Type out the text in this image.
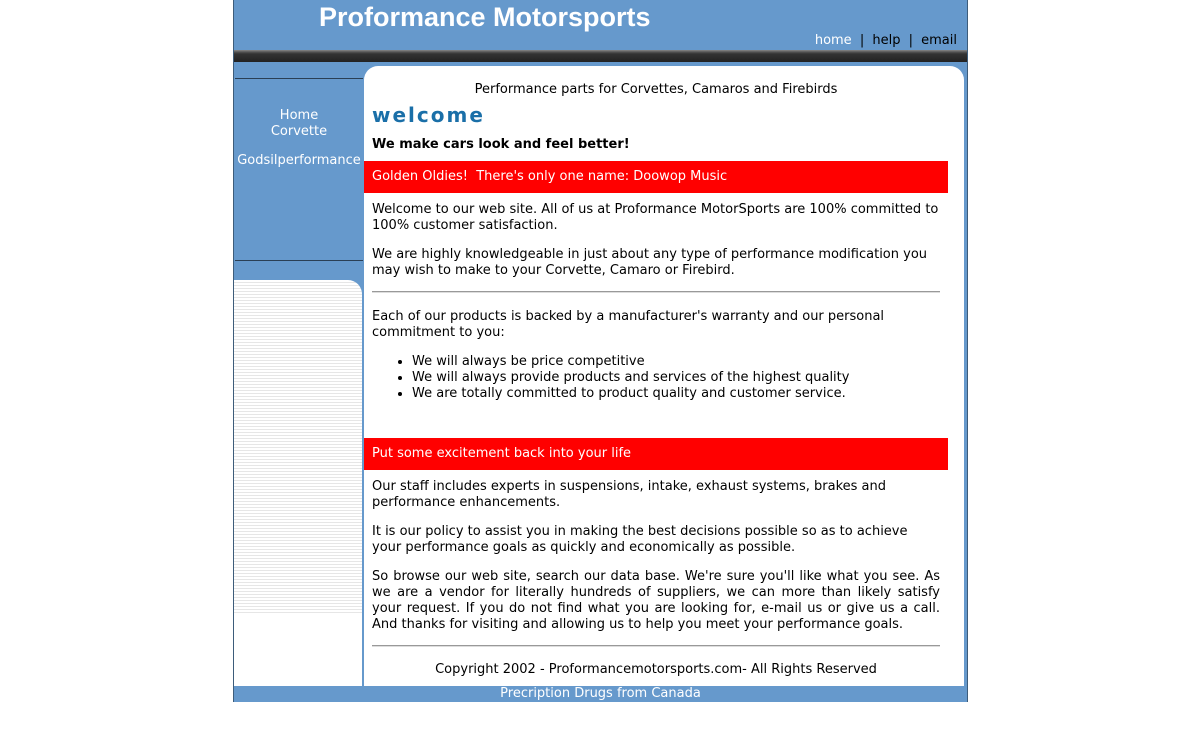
Proformance Motorsports
home | help | email
Home
Corvette
Godsilperformance
Performance parts for Corvettes, Camaros and Firebirds
welcome
We make cars look and feel better!
Golden Oldies!  There's only one name: Doowop Music

Welcome to our web site. All of us at Proformance MotorSports are 100% committed to 100% customer satisfaction.

We are highly knowledgeable in just about any type of performance modification you may wish to make to your Corvette, Camaro or Firebird.

Each of our products is backed by a manufacturer's warranty and our personal commitment to you:

• We will always be price competitive
• We will always provide products and services of the highest quality
• We are totally committed to product quality and customer service.
Put some excitement back into your life

Our staff includes experts in suspensions, intake, exhaust systems, brakes and performance enhancements.

It is our policy to assist you in making the best decisions possible so as to achieve your performance goals as quickly and economically as possible.

So browse our web site, search our data base. We're sure you'll like what you see. As we are a vendor for literally hundreds of suppliers, we can more than likely satisfy your request. If you do not find what you are looking for, e-mail us or give us a call. And thanks for visiting and allowing us to help you meet your performance goals.

Copyright 2002 - Proformancemotorsports.com- All Rights Reserved
Precription Drugs from Canada
